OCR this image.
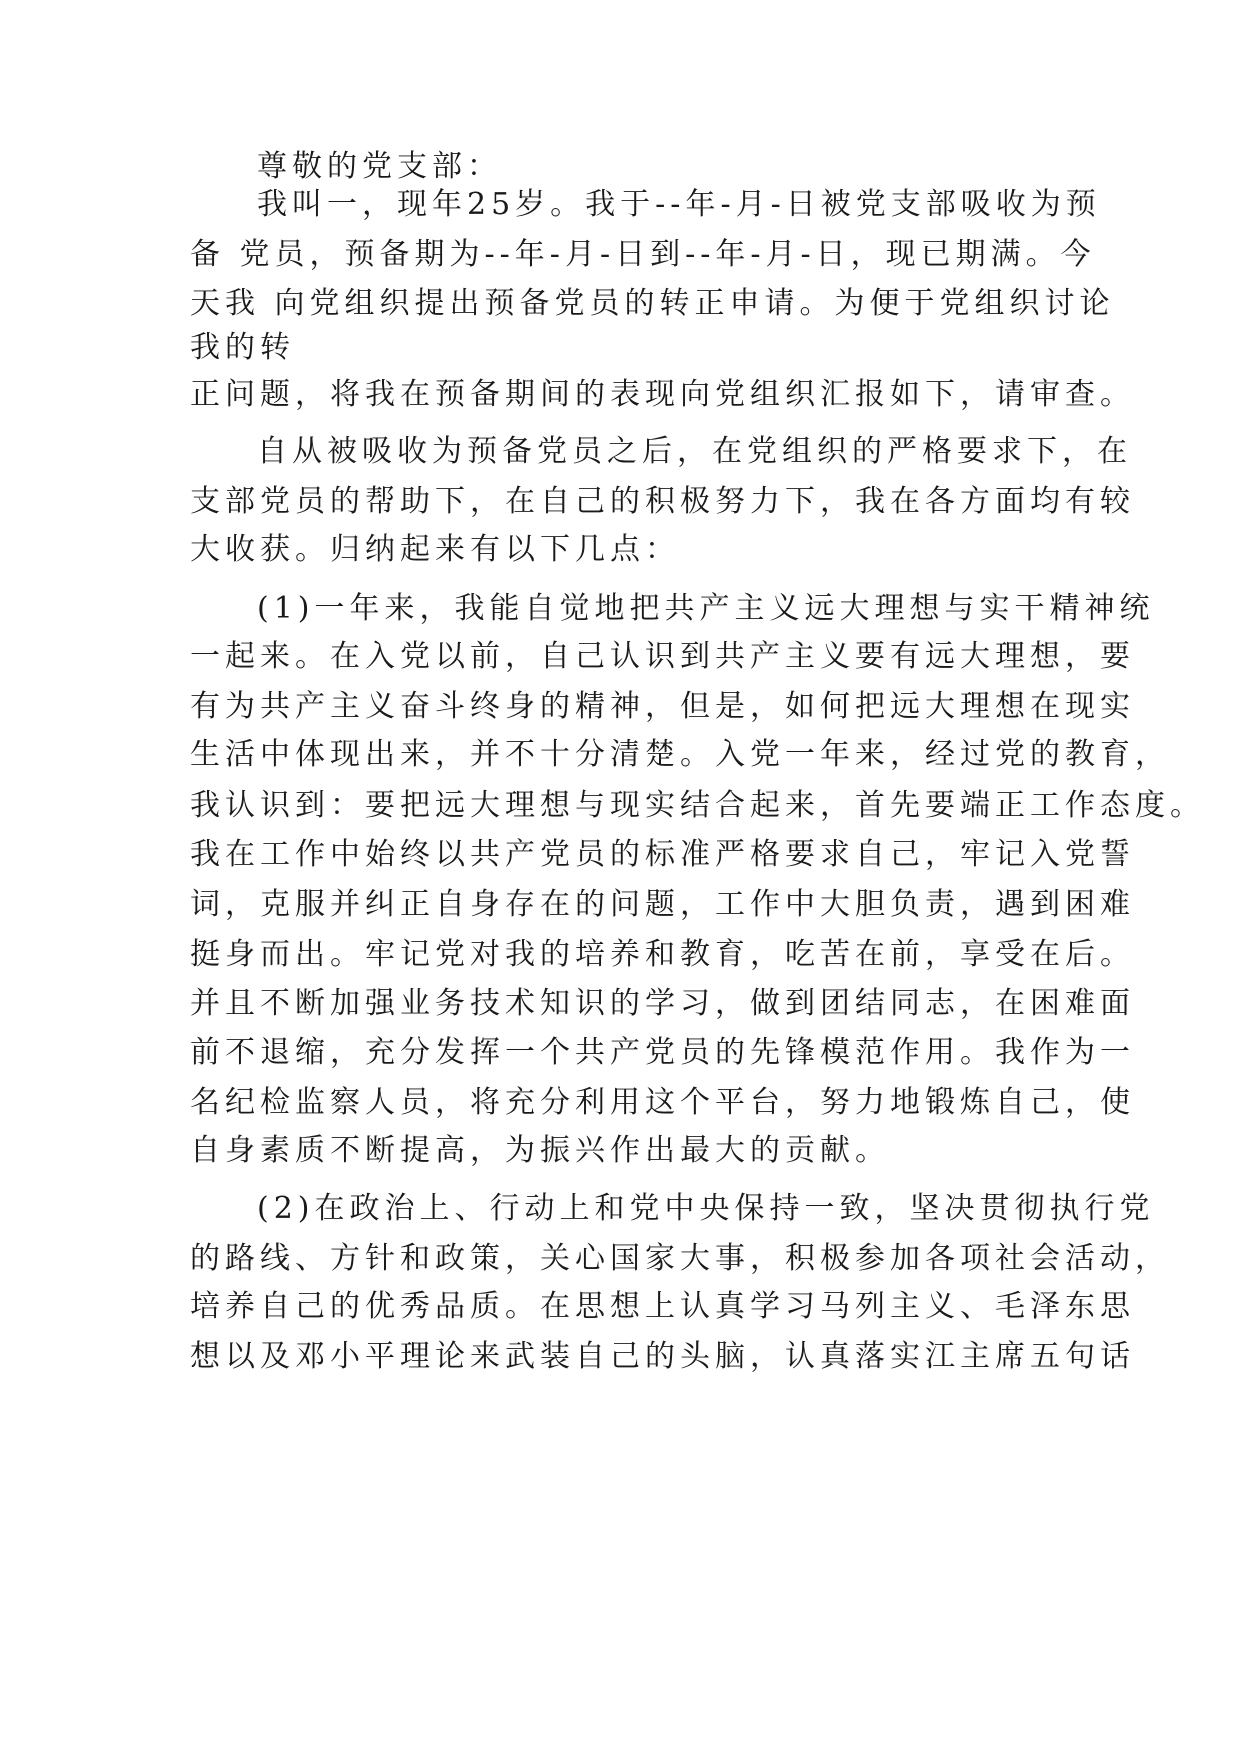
尊敬的党支部：
我叫一，现年25岁。我于--年-月-日被党支部吸收为预
备 党员，预备期为--年-月-日到--年-月-日，现已期满。今
天我 向党组织提出预备党员的转正申请。为便于党组织讨论
我的转
正问题，将我在预备期间的表现向党组织汇报如下，请审查。
自从被吸收为预备党员之后，在党组织的严格要求下，在
支部党员的帮助下，在自己的积极努力下，我在各方面均有较
大收获。归纳起来有以下几点：
(1)一年来，我能自觉地把共产主义远大理想与实干精神统
一起来。在入党以前，自己认识到共产主义要有远大理想，要
有为共产主义奋斗终身的精神，但是，如何把远大理想在现实
生活中体现出来，并不十分清楚。入党一年来，经过党的教育，
我认识到：要把远大理想与现实结合起来，首先要端正工作态度。
我在工作中始终以共产党员的标准严格要求自己，牢记入党誓
词，克服并纠正自身存在的问题，工作中大胆负责，遇到困难
挺身而出。牢记党对我的培养和教育，吃苦在前，享受在后。
并且不断加强业务技术知识的学习，做到团结同志，在困难面
前不退缩，充分发挥一个共产党员的先锋模范作用。我作为一
名纪检监察人员，将充分利用这个平台，努力地锻炼自己，使
自身素质不断提高，为振兴作出最大的贡献。
(2)在政治上、行动上和党中央保持一致，坚决贯彻执行党
的路线、方针和政策，关心国家大事，积极参加各项社会活动，
培养自己的优秀品质。在思想上认真学习马列主义、毛泽东思
想以及邓小平理论来武装自己的头脑，认真落实江主席五句话
